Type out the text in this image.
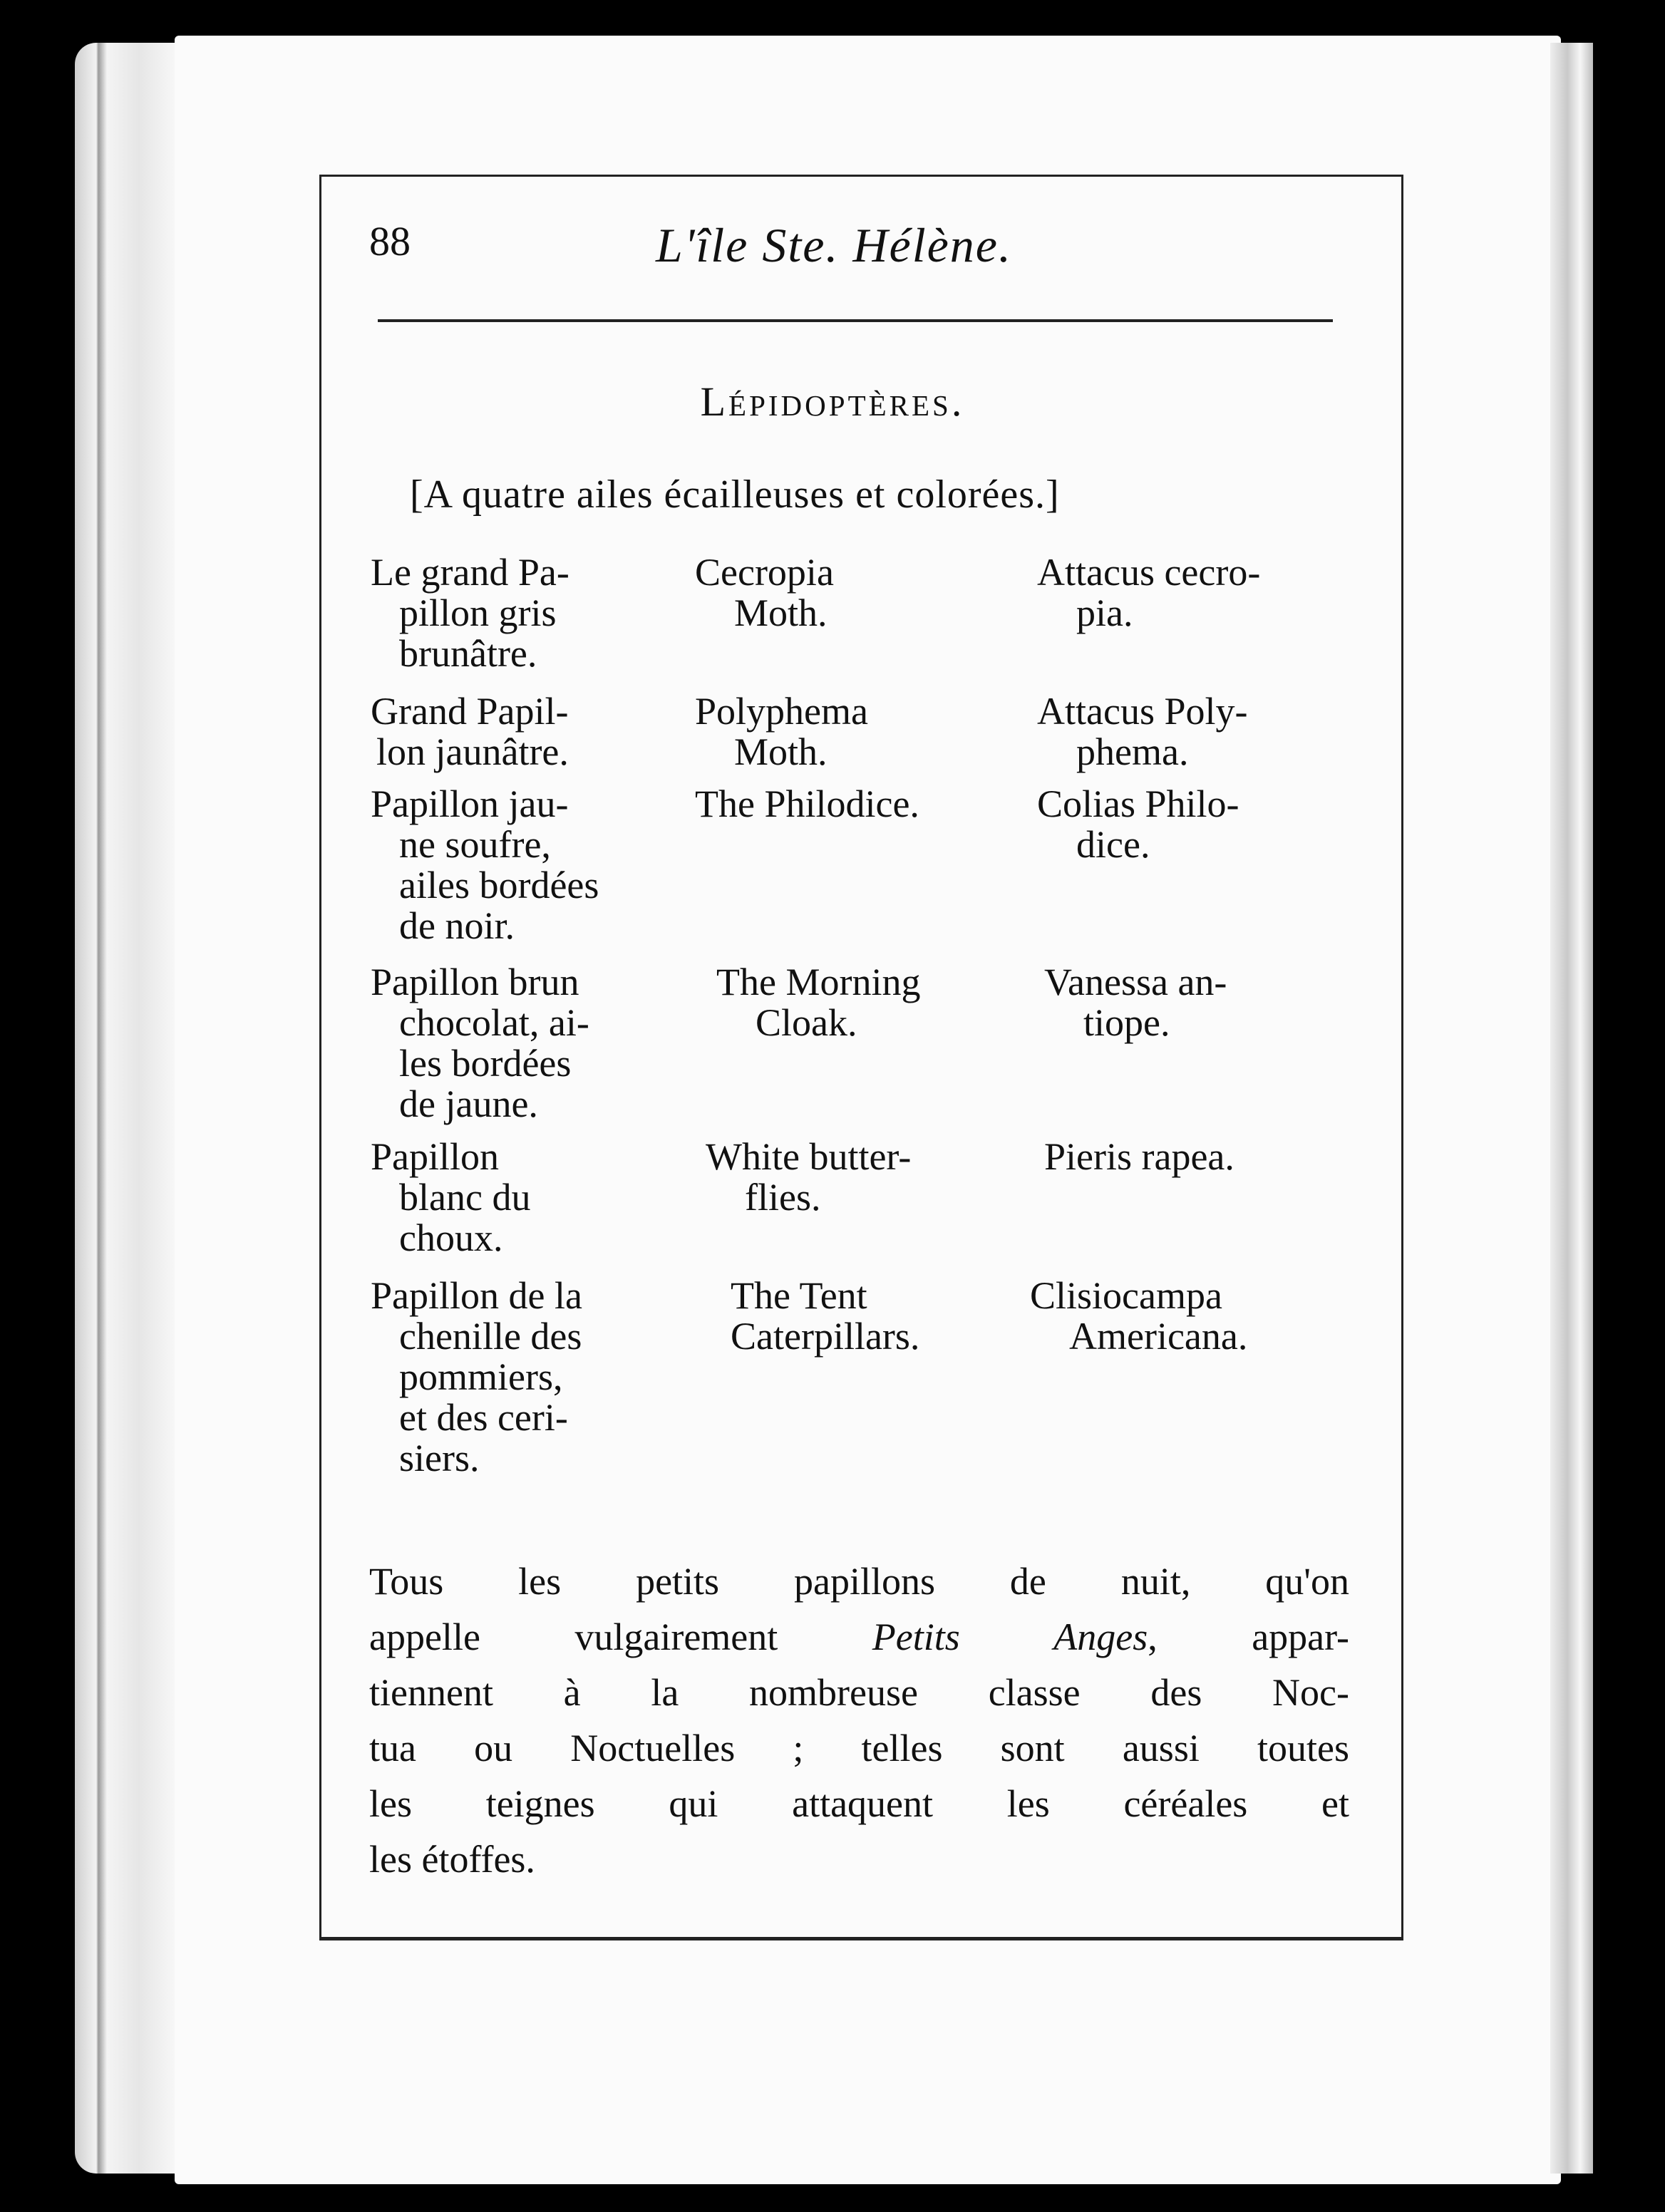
88	L'île Ste. Hélène.
Lépidoptères.
[A quatre ailes écailleuses et colorées.]
Le grand Pa-
pillon gris
brunâtre.
Cecropia
Moth.
Attacus cecro-
pia.
Grand Papil-
lon jaunâtre.
Polyphema
Moth.
Attacus Poly-
phema.
Papillon jau-
ne soufre,
ailes bordées
de noir.
The Philodice.	Colias Philo-
dice.
Papillon brun
chocolat, ai-
les bordées
de jaune.
The Morning
Cloak.
Vanessa an-
tiope.
Papillon
blanc du
choux.
White butter-
flies.
Pieris rapea.
Papillon de la
chenille des
pommiers,
et des ceri-
siers.
The Tent
Caterpillars.
Clisiocampa
Americana.
Tous les petits papillons de nuit, qu'on
appelle vulgairement Petits Anges, appar-
tiennent à la nombreuse classe des Noc-
tua ou Noctuelles ; telles sont aussi toutes
les teignes qui attaquent les céréales et
les étoffes.
